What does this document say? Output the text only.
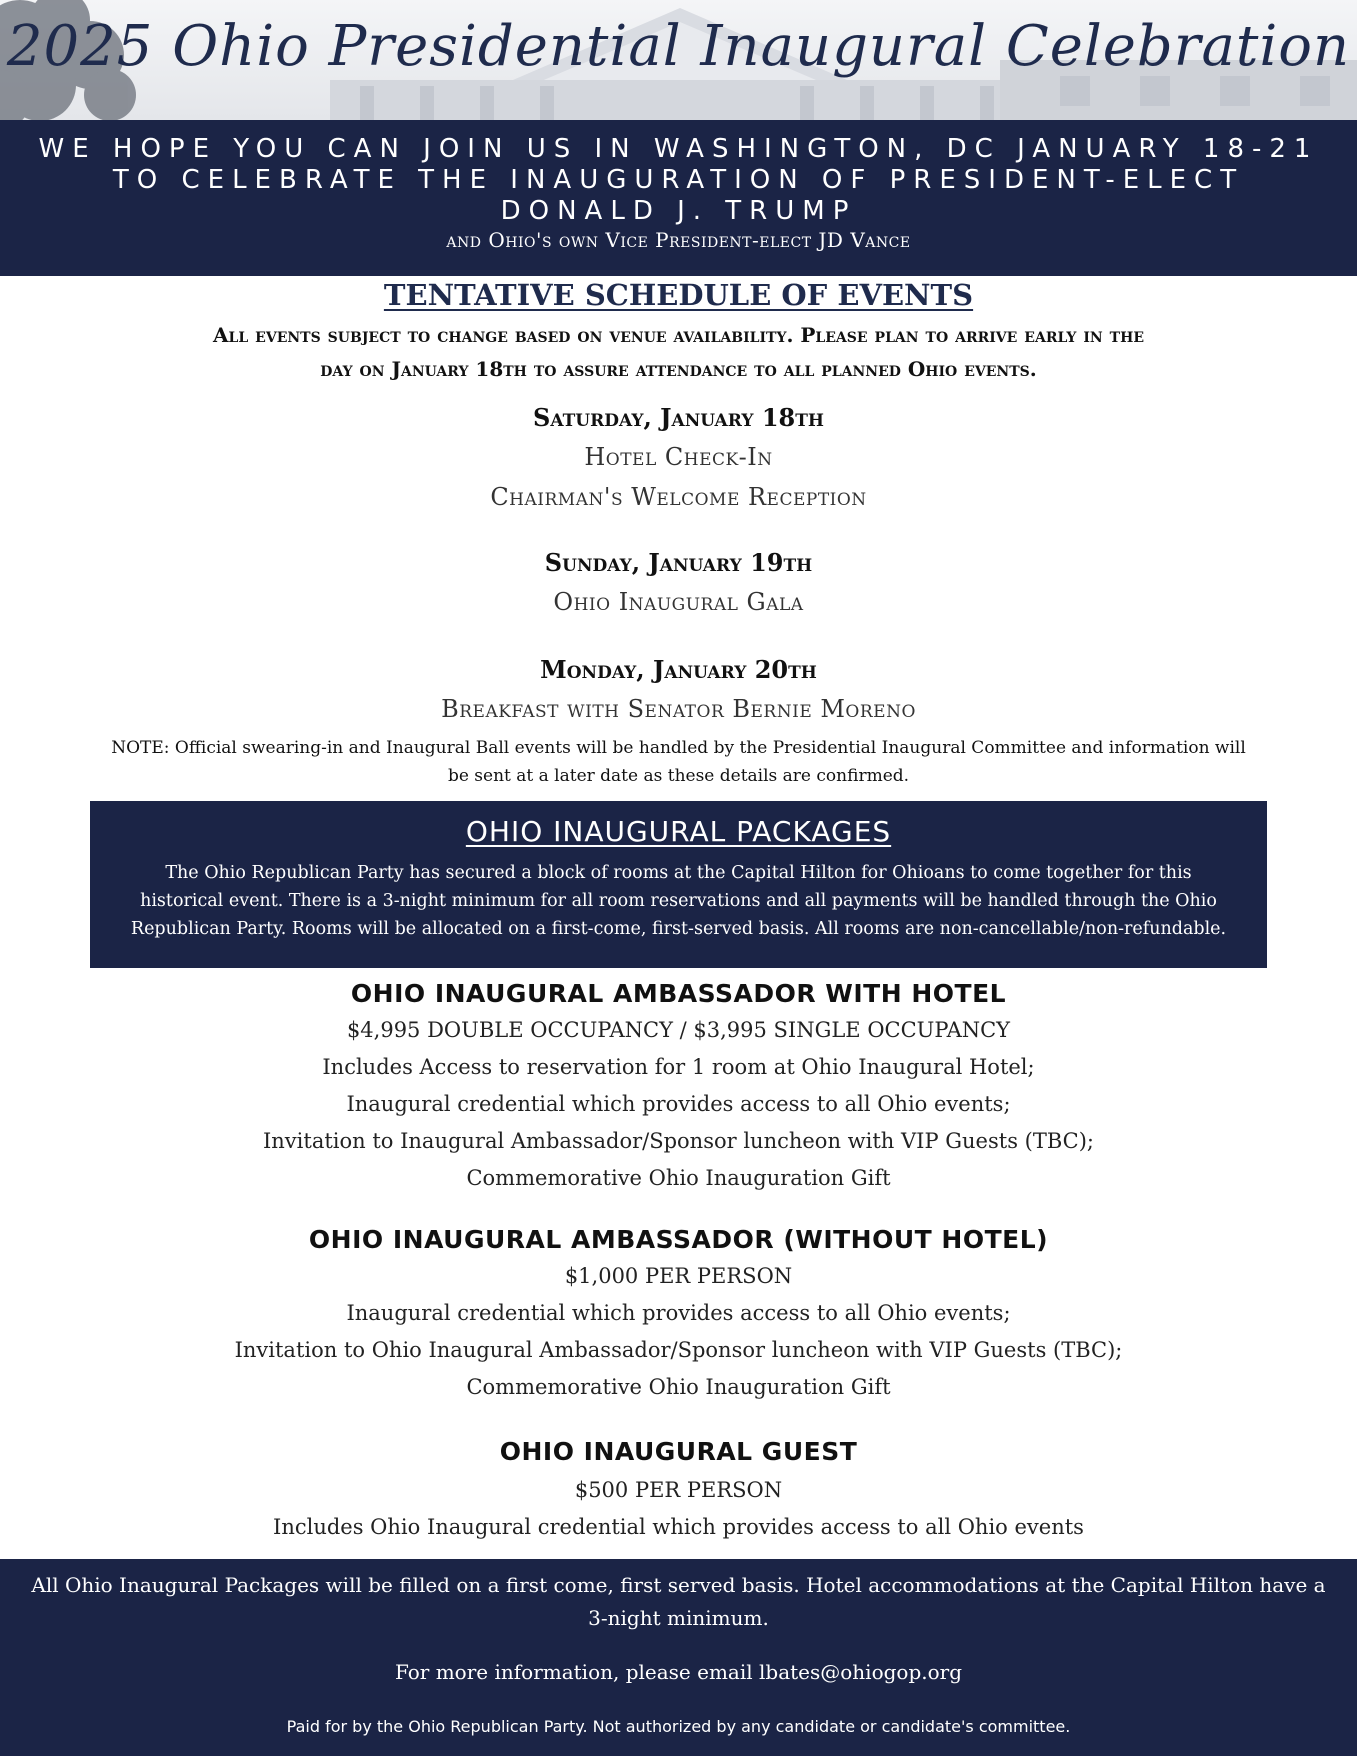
2025 Ohio Presidential Inaugural Celebration
WE HOPE YOU CAN JOIN US IN WASHINGTON, DC JANUARY 18-21
TO CELEBRATE THE INAUGURATION OF PRESIDENT-ELECT
DONALD J. TRUMP
and Ohio's own Vice President-elect JD Vance
TENTATIVE SCHEDULE OF EVENTS
All events subject to change based on venue availability. Please plan to arrive early in the
day on January 18th to assure attendance to all planned Ohio events.
Saturday, January 18th
Hotel Check-In
Chairman's Welcome Reception
Sunday, January 19th
Ohio Inaugural Gala
Monday, January 20th
Breakfast with Senator Bernie Moreno
NOTE: Official swearing-in and Inaugural Ball events will be handled by the Presidential Inaugural Committee and information will
be sent at a later date as these details are confirmed.
OHIO INAUGURAL PACKAGES
The Ohio Republican Party has secured a block of rooms at the Capital Hilton for Ohioans to come together for this
historical event. There is a 3-night minimum for all room reservations and all payments will be handled through the Ohio
Republican Party. Rooms will be allocated on a first-come, first-served basis. All rooms are non-cancellable/non-refundable.
OHIO INAUGURAL AMBASSADOR WITH HOTEL
$4,995 DOUBLE OCCUPANCY / $3,995 SINGLE OCCUPANCY
Includes Access to reservation for 1 room at Ohio Inaugural Hotel;
Inaugural credential which provides access to all Ohio events;
Invitation to Inaugural Ambassador/Sponsor luncheon with VIP Guests (TBC);
Commemorative Ohio Inauguration Gift
OHIO INAUGURAL AMBASSADOR (WITHOUT HOTEL)
$1,000 PER PERSON
Inaugural credential which provides access to all Ohio events;
Invitation to Ohio Inaugural Ambassador/Sponsor luncheon with VIP Guests (TBC);
Commemorative Ohio Inauguration Gift
OHIO INAUGURAL GUEST
$500 PER PERSON
Includes Ohio Inaugural credential which provides access to all Ohio events
All Ohio Inaugural Packages will be filled on a first come, first served basis. Hotel accommodations at the Capital Hilton have a
3-night minimum.
For more information, please email lbates@ohiogop.org
Paid for by the Ohio Republican Party. Not authorized by any candidate or candidate's committee.
